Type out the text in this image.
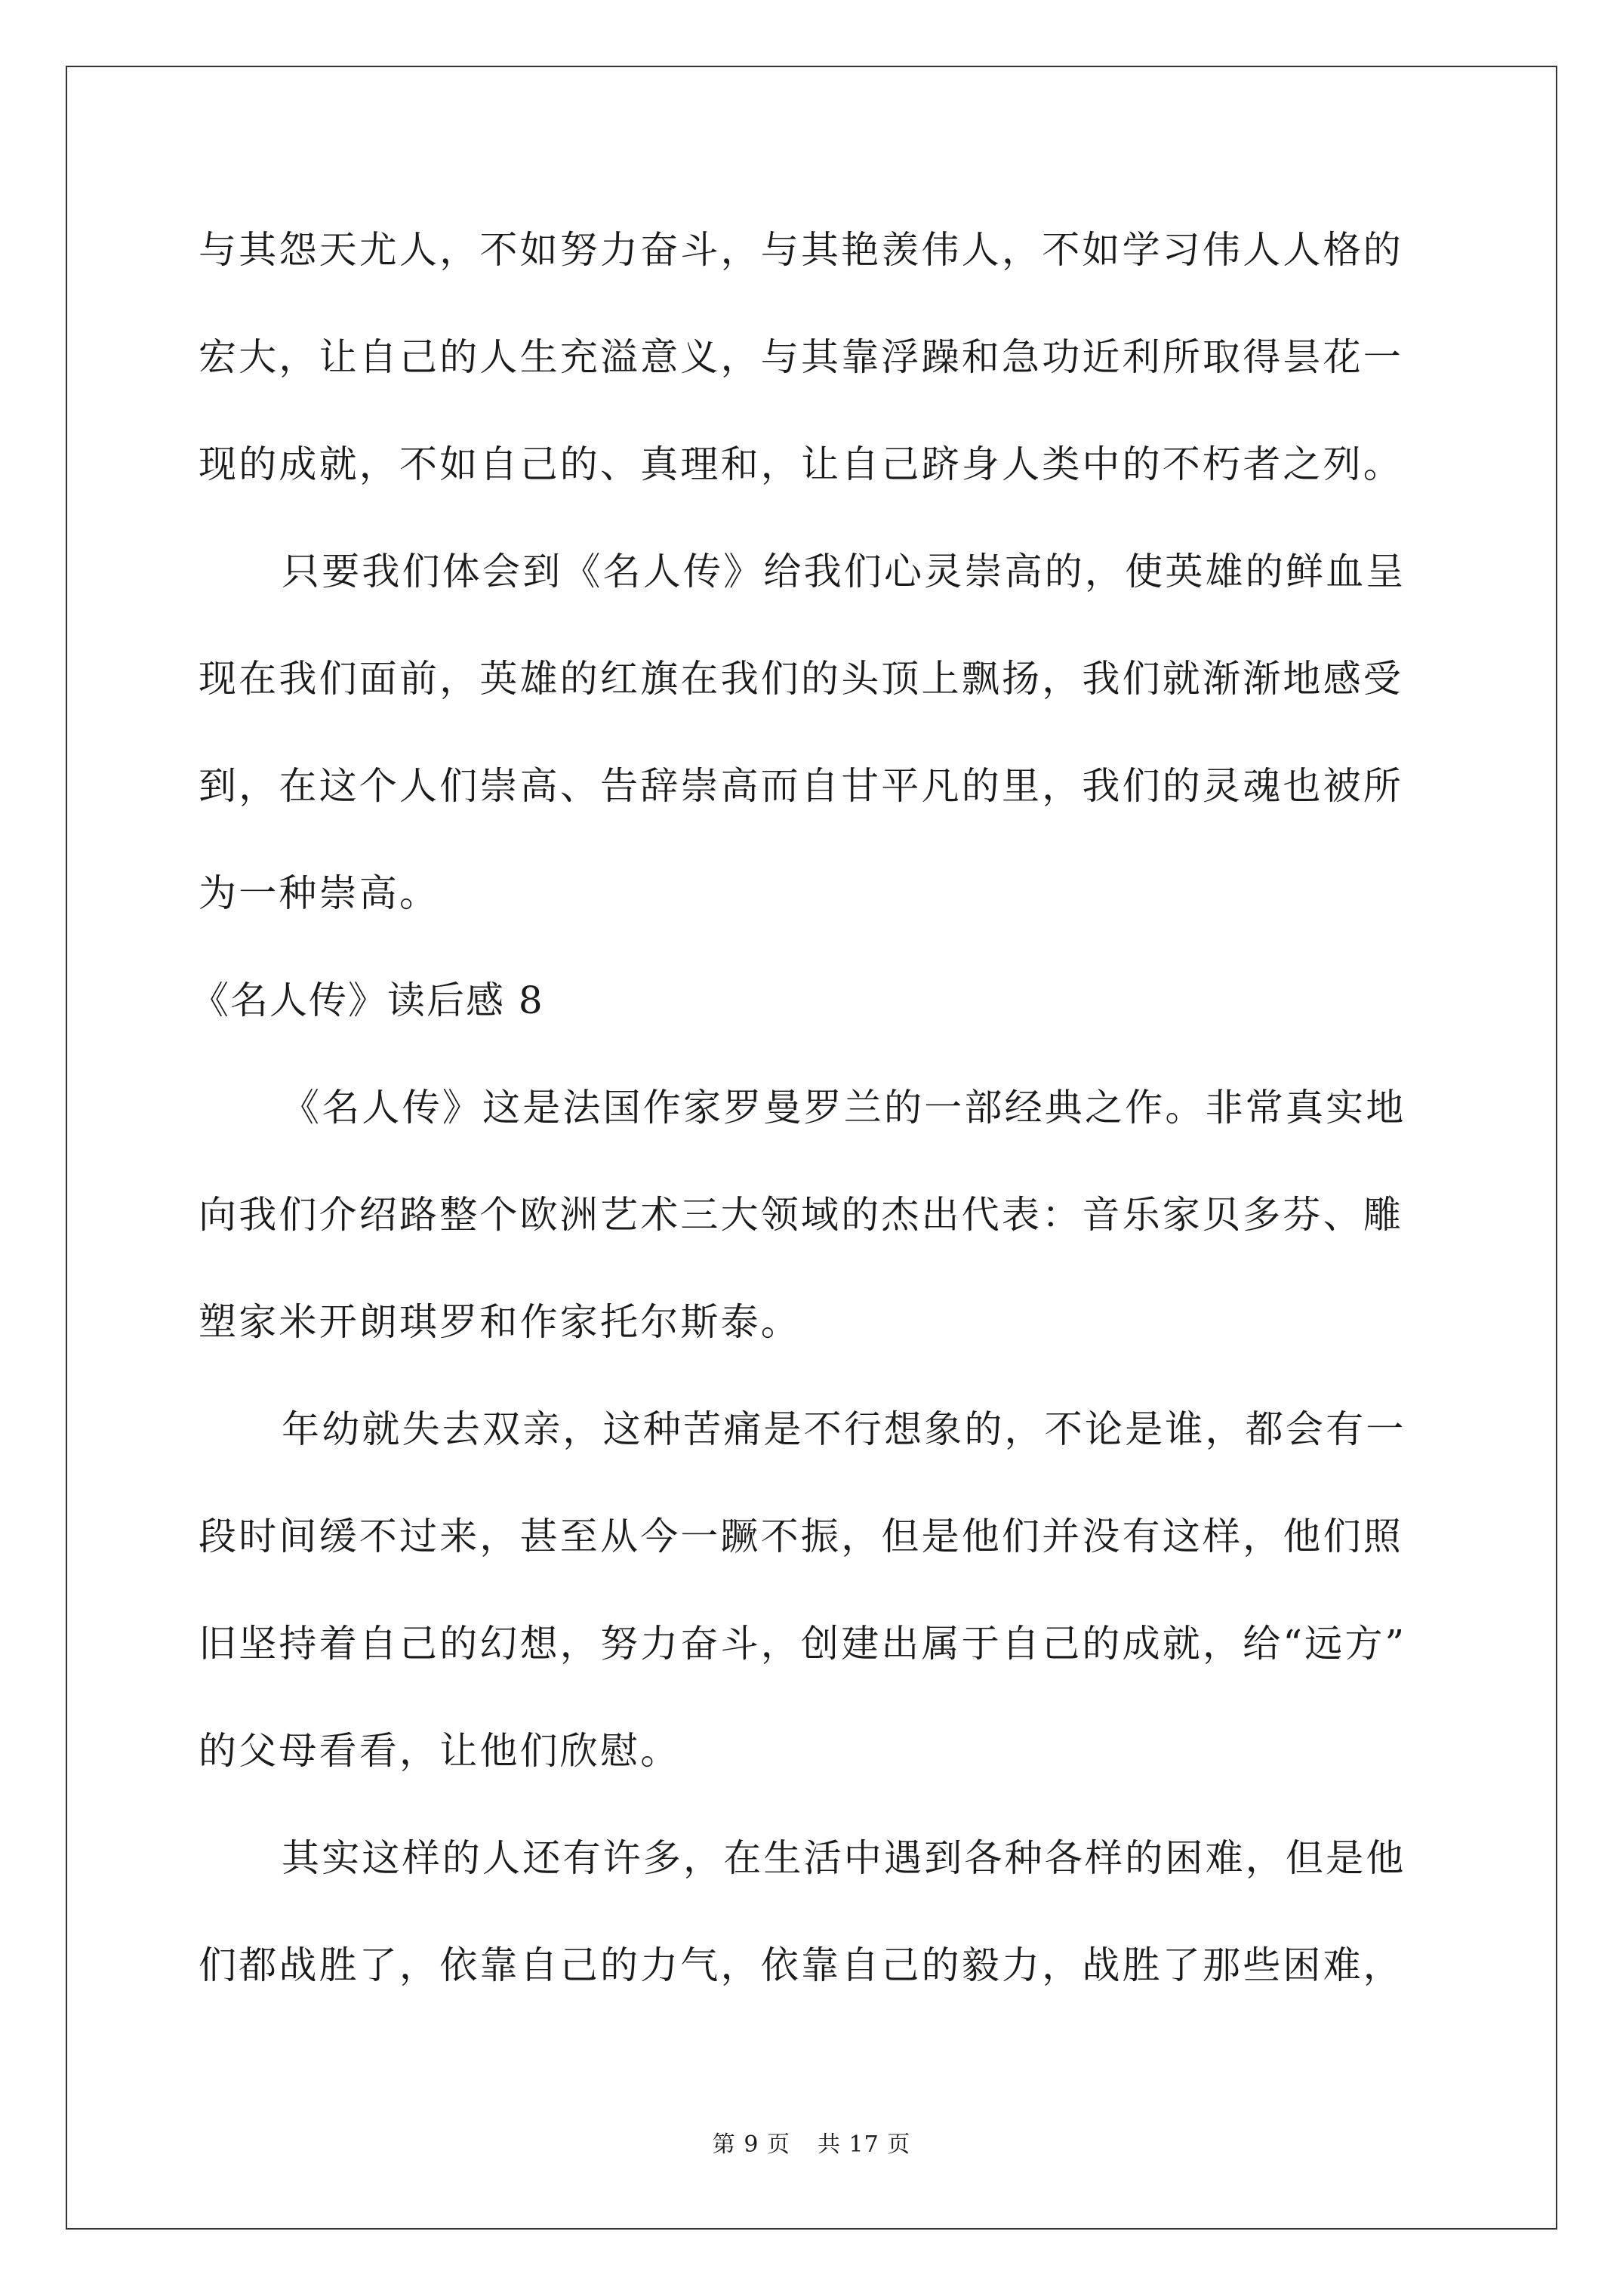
与其怨天尤人，不如努力奋斗，与其艳羡伟人，不如学习伟人人格的
宏大，让自己的人生充溢意义，与其靠浮躁和急功近利所取得昙花一
现的成就，不如自己的、真理和，让自己跻身人类中的不朽者之列。
只要我们体会到《名人传》给我们心灵崇高的，使英雄的鲜血呈
现在我们面前，英雄的红旗在我们的头顶上飘扬，我们就渐渐地感受
到，在这个人们崇高、告辞崇高而自甘平凡的里，我们的灵魂也被所
为一种崇高。
《名人传》读后感 8
《名人传》这是法国作家罗曼罗兰的一部经典之作。非常真实地
向我们介绍路整个欧洲艺术三大领域的杰出代表：音乐家贝多芬、雕
塑家米开朗琪罗和作家托尔斯泰。
年幼就失去双亲，这种苦痛是不行想象的，不论是谁，都会有一
段时间缓不过来，甚至从今一蹶不振，但是他们并没有这样，他们照
旧坚持着自己的幻想，努力奋斗，创建出属于自己的成就，给“远方”
的父母看看，让他们欣慰。
其实这样的人还有许多，在生活中遇到各种各样的困难，但是他
们都战胜了，依靠自己的力气，依靠自己的毅力，战胜了那些困难，
第 9 页 共 17 页
